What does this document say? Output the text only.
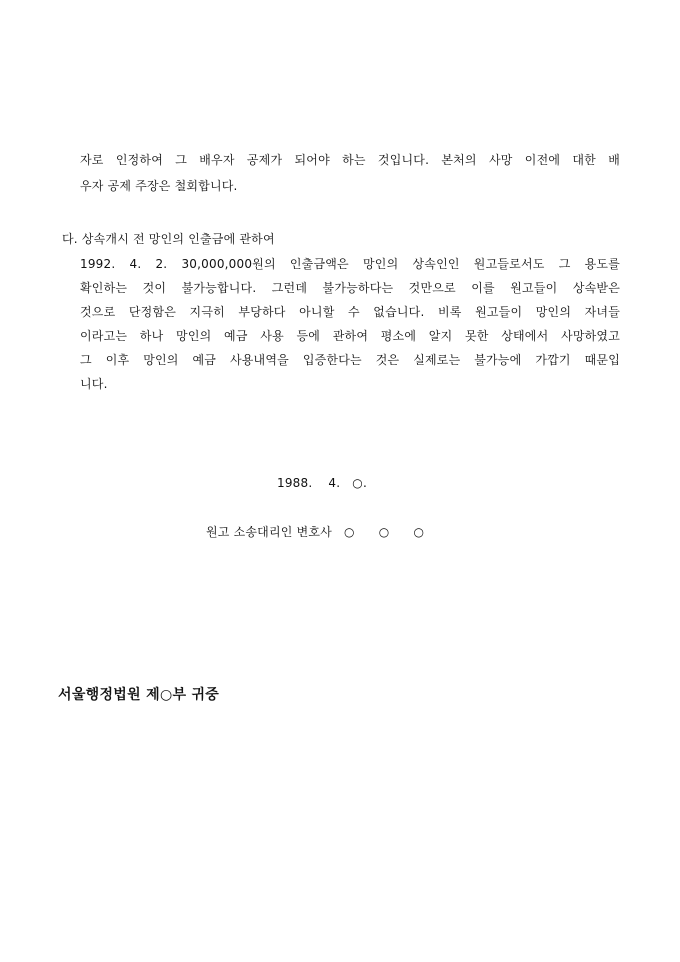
자로 인정하여 그 배우자 공제가 되어야 하는 것입니다. 본처의 사망 이전에 대한 배
우자 공제 주장은 철회합니다.
다. 상속개시 전 망인의 인출금에 관하여
1992. 4. 2. 30,000,000원의 인출금액은 망인의 상속인인 원고들로서도 그 용도를
확인하는 것이 불가능합니다. 그런데 불가능하다는 것만으로 이를 원고들이 상속받은
것으로 단정함은 지극히 부당하다 아니할 수 없습니다. 비록 원고들이 망인의 자녀들
이라고는 하나 망인의 예금 사용 등에 관하여 평소에 알지 못한 상태에서 사망하였고
그 이후 망인의 예금 사용내역을 입증한다는 것은 실제로는 불가능에 가깝기 때문입
니다.
1988.    4.   ○.
원고 소송대리인 변호사   ○      ○      ○
서울행정법원 제○부 귀중
